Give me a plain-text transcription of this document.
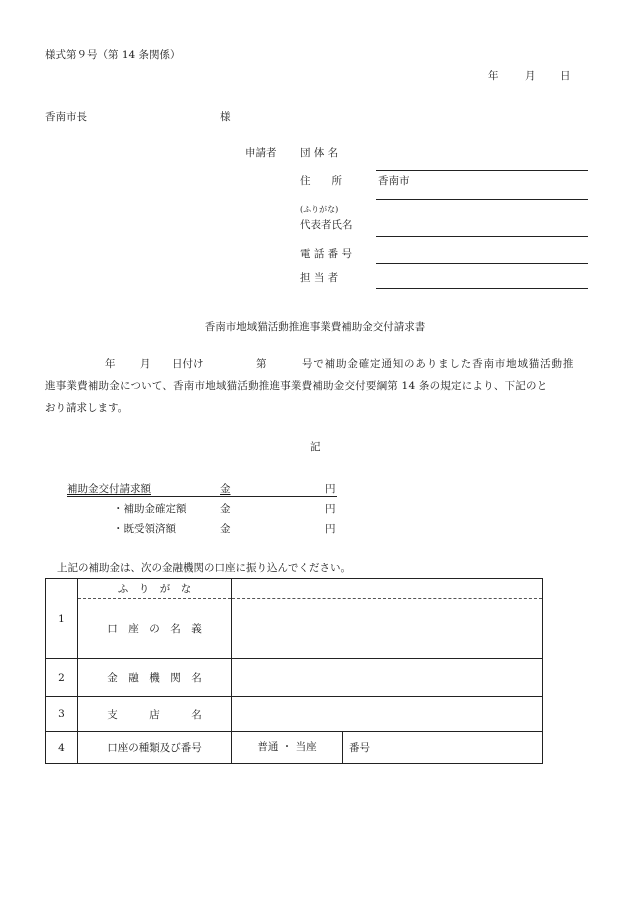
様式第９号（第 14 条関係）
年	月 日
香南市長	様
申請者 団 体 名
住　　所	香南市
(ふりがな)
代表者氏名
電 話 番 号
担 当 者
香南市地域猫活動推進事業費補助金交付請求書
年 月 日付け	第	号で補助金確定通知のありました香南市地域猫活動推
進事業費補助金について、香南市地域猫活動推進事業費補助金交付要綱第 14 条の規定により、下記のと
おり請求します。
記
補助金交付請求額	金	円
・補助金確定額	金	円
・既受領済額	金	円
上記の補助金は、次の金融機関の口座に振り込んでください。
1	ふ　り　が　な	
	口　座　の　名　義	
2	金　融　機　関　名	
3	支　　　店　　　名	
4	口座の種類及び番号	普通 ・ 当座 番号
